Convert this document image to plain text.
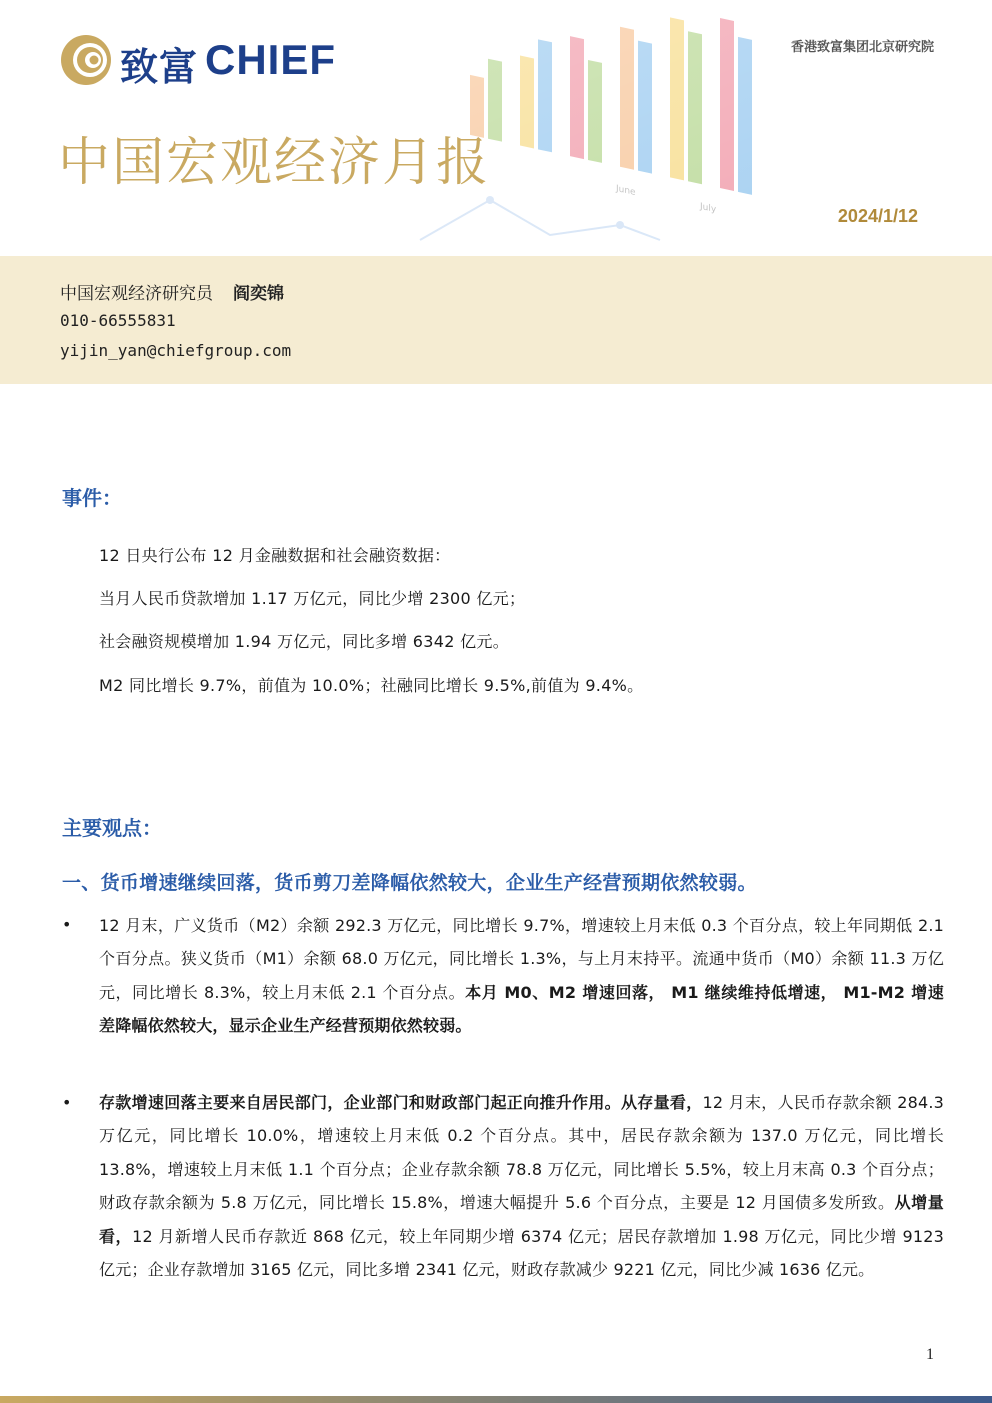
June
July
致富 CHIEF	香港致富集团北京研究院
中国宏观经济月报
2024/1/12
中国宏观经济研究员 阎奕锦
010-66555831
yijin_yan@chiefgroup.com
事件：
12 日央行公布 12 月金融数据和社会融资数据：
当月人民币贷款增加 1.17 万亿元，同比少增 2300 亿元；
社会融资规模增加 1.94 万亿元，同比多增 6342 亿元。
M2 同比增长 9.7%，前值为 10.0%；社融同比增长 9.5%,前值为 9.4%。
主要观点：
一、货币增速继续回落，货币剪刀差降幅依然较大，企业生产经营预期依然较弱。
• 12 月末，广义货币（M2）余额 292.3 万亿元，同比增长 9.7%，增速较上月末低 0.3 个百分点，较上年同期低 2.1 个百分点。狭义货币（M1）余额 68.0 万亿元，同比增长 1.3%，与上月末持平。流通中货币（M0）余额 11.3 万亿元，同比增长 8.3%，较上月末低 2.1 个百分点。本月 M0、M2 增速回落， M1 继续维持低增速， M1-M2 增速差降幅依然较大，显示企业生产经营预期依然较弱。
• 存款增速回落主要来自居民部门，企业部门和财政部门起正向推升作用。从存量看，12 月末，人民币存款余额 284.3 万亿元，同比增长 10.0%，增速较上月末低 0.2 个百分点。其中，居民存款余额为 137.0 万亿元，同比增长 13.8%，增速较上月末低 1.1 个百分点；企业存款余额 78.8 万亿元，同比增长 5.5%，较上月末高 0.3 个百分点；财政存款余额为 5.8 万亿元，同比增长 15.8%，增速大幅提升 5.6 个百分点，主要是 12 月国债多发所致。从增量看，12 月新增人民币存款近 868 亿元，较上年同期少增 6374 亿元；居民存款增加 1.98 万亿元，同比少增 9123 亿元；企业存款增加 3165 亿元，同比多增 2341 亿元，财政存款减少 9221 亿元，同比少减 1636 亿元。
1
